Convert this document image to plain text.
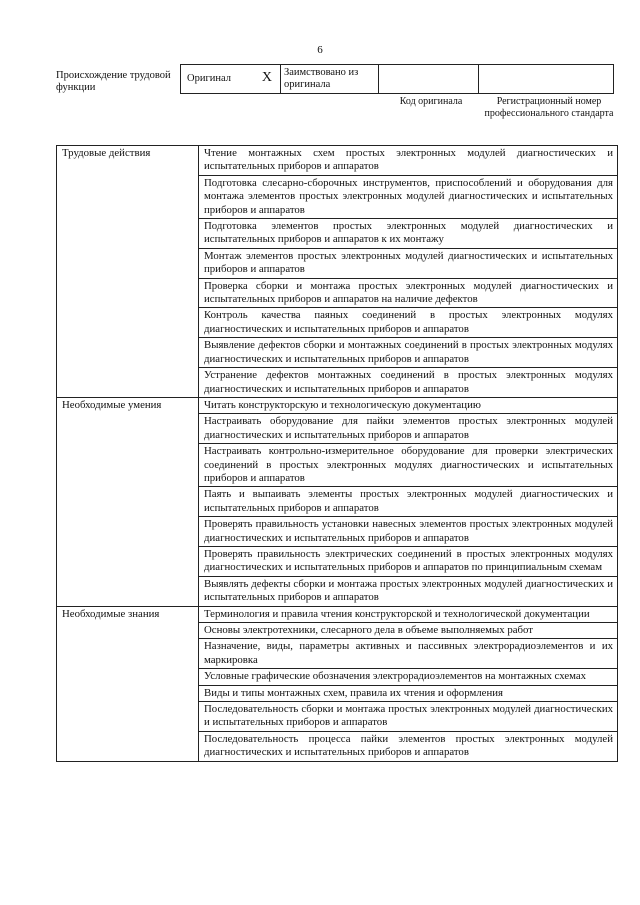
6
Происхождение трудовой функции
Оригинал X Заимствовано из оригинала
Код оригинала	Регистрационный номер профессионального стандарта
Трудовые действия	Чтение монтажных схем простых электронных модулей диагностических и испытательных приборов и аппаратов
	Подготовка слесарно-сборочных инструментов, приспособлений и оборудования для монтажа элементов простых электронных модулей диагностических и испытательных приборов и аппаратов
	Подготовка элементов простых электронных модулей диагностических и испытательных приборов и аппаратов к их монтажу
	Монтаж элементов простых электронных модулей диагностических и испытательных приборов и аппаратов
	Проверка сборки и монтажа простых электронных модулей диагностических и испытательных приборов и аппаратов на наличие дефектов
	Контроль качества паяных соединений в простых электронных модулях диагностических и испытательных приборов и аппаратов
	Выявление дефектов сборки и монтажных соединений в простых электронных модулях диагностических и испытательных приборов и аппаратов
	Устранение дефектов монтажных соединений в простых электронных модулях диагностических и испытательных приборов и аппаратов
Необходимые умения	Читать конструкторскую и технологическую документацию
	Настраивать оборудование для пайки элементов простых электронных модулей диагностических и испытательных приборов и аппаратов
	Настраивать контрольно-измерительное оборудование для проверки электрических соединений в простых электронных модулях диагностических и испытательных приборов и аппаратов
	Паять и выпаивать элементы простых электронных модулей диагностических и испытательных приборов и аппаратов
	Проверять правильность установки навесных элементов простых электронных модулей диагностических и испытательных приборов и аппаратов
	Проверять правильность электрических соединений в простых электронных модулях диагностических и испытательных приборов и аппаратов по принципиальным схемам
	Выявлять дефекты сборки и монтажа простых электронных модулей диагностических и испытательных приборов и аппаратов
Необходимые знания	Терминология и правила чтения конструкторской и технологической документации
	Основы электротехники, слесарного дела в объеме выполняемых работ
	Назначение, виды, параметры активных и пассивных электрорадиоэлементов и их маркировка
	Условные графические обозначения электрорадиоэлементов на монтажных схемах
	Виды и типы монтажных схем, правила их чтения и оформления
	Последовательность сборки и монтажа простых электронных модулей диагностических и испытательных приборов и аппаратов
	Последовательность процесса пайки элементов простых электронных модулей диагностических и испытательных приборов и аппаратов
